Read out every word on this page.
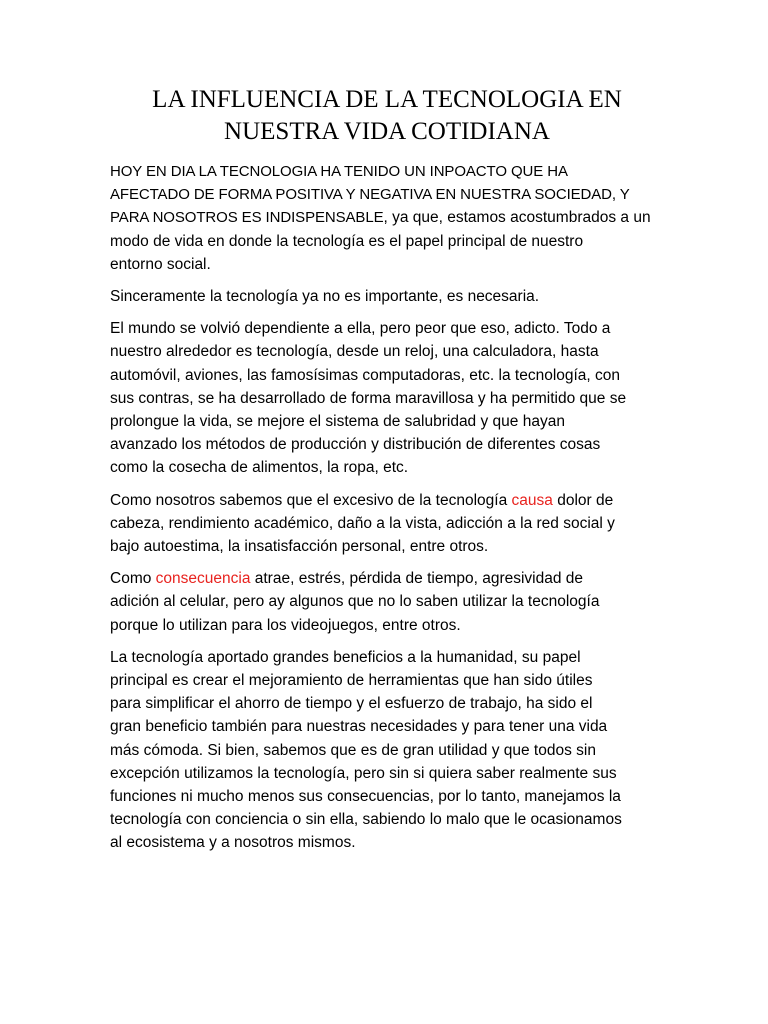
LA INFLUENCIA DE LA TECNOLOGIA EN
NUESTRA VIDA COTIDIANA

HOY EN DIA LA TECNOLOGIA HA TENIDO UN INPOACTO QUE HA
AFECTADO DE FORMA POSITIVA Y NEGATIVA EN NUESTRA SOCIEDAD, Y
PARA NOSOTROS ES INDISPENSABLE, ya que, estamos acostumbrados a un
modo de vida en donde la tecnología es el papel principal de nuestro
entorno social.

Sinceramente la tecnología ya no es importante, es necesaria.

El mundo se volvió dependiente a ella, pero peor que eso, adicto. Todo a
nuestro alrededor es tecnología, desde un reloj, una calculadora, hasta
automóvil, aviones, las famosísimas computadoras, etc. la tecnología, con
sus contras, se ha desarrollado de forma maravillosa y ha permitido que se
prolongue la vida, se mejore el sistema de salubridad y que hayan
avanzado los métodos de producción y distribución de diferentes cosas
como la cosecha de alimentos, la ropa, etc.

Como nosotros sabemos que el excesivo de la tecnología causa dolor de
cabeza, rendimiento académico, daño a la vista, adicción a la red social y
bajo autoestima, la insatisfacción personal, entre otros.

Como consecuencia atrae, estrés, pérdida de tiempo, agresividad de
adición al celular, pero ay algunos que no lo saben utilizar la tecnología
porque lo utilizan para los videojuegos, entre otros.

La tecnología aportado grandes beneficios a la humanidad, su papel
principal es crear el mejoramiento de herramientas que han sido útiles
para simplificar el ahorro de tiempo y el esfuerzo de trabajo, ha sido el
gran beneficio también para nuestras necesidades y para tener una vida
más cómoda. Si bien, sabemos que es de gran utilidad y que todos sin
excepción utilizamos la tecnología, pero sin si quiera saber realmente sus
funciones ni mucho menos sus consecuencias, por lo tanto, manejamos la
tecnología con conciencia o sin ella, sabiendo lo malo que le ocasionamos
al ecosistema y a nosotros mismos.
